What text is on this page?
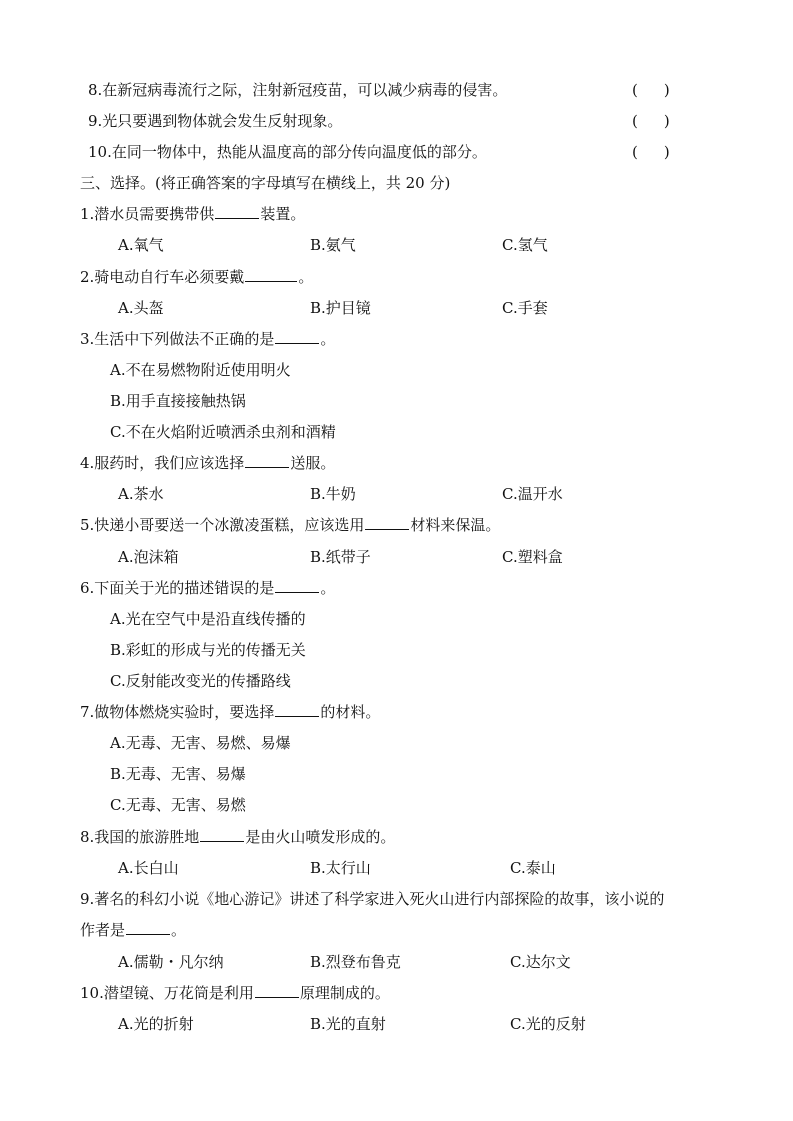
8.在新冠病毒流行之际，注射新冠疫苗，可以减少病毒的侵害。	( )
9.光只要遇到物体就会发生反射现象。	( )
10.在同一物体中，热能从温度高的部分传向温度低的部分。	( )
三、选择。(将正确答案的字母填写在横线上，共 20 分)
1.潜水员需要携带供	装置。
A.氧气	B.氨气	C.氢气
2.骑电动自行车必须要戴	。
A.头盔	B.护目镜	C.手套
3.生活中下列做法不正确的是	。
A.不在易燃物附近使用明火
B.用手直接接触热锅
C.不在火焰附近喷洒杀虫剂和酒精
4.服药时，我们应该选择	送服。
A.茶水	B.牛奶	C.温开水
5.快递小哥要送一个冰激凌蛋糕，应该选用	材料来保温。
A.泡沫箱	B.纸带子	C.塑料盒
6.下面关于光的描述错误的是	。
A.光在空气中是沿直线传播的
B.彩虹的形成与光的传播无关
C.反射能改变光的传播路线
7.做物体燃烧实验时，要选择	的材料。
A.无毒、无害、易燃、易爆
B.无毒、无害、易爆
C.无毒、无害、易燃
8.我国的旅游胜地	是由火山喷发形成的。
A.长白山	B.太行山	C.泰山
9.著名的科幻小说《地心游记》讲述了科学家进入死火山进行内部探险的故事，该小说的
作者是	。
A.儒勒・凡尔纳	B.烈登布鲁克	C.达尔文
10.潜望镜、万花筒是利用	原理制成的。
A.光的折射	B.光的直射	C.光的反射
